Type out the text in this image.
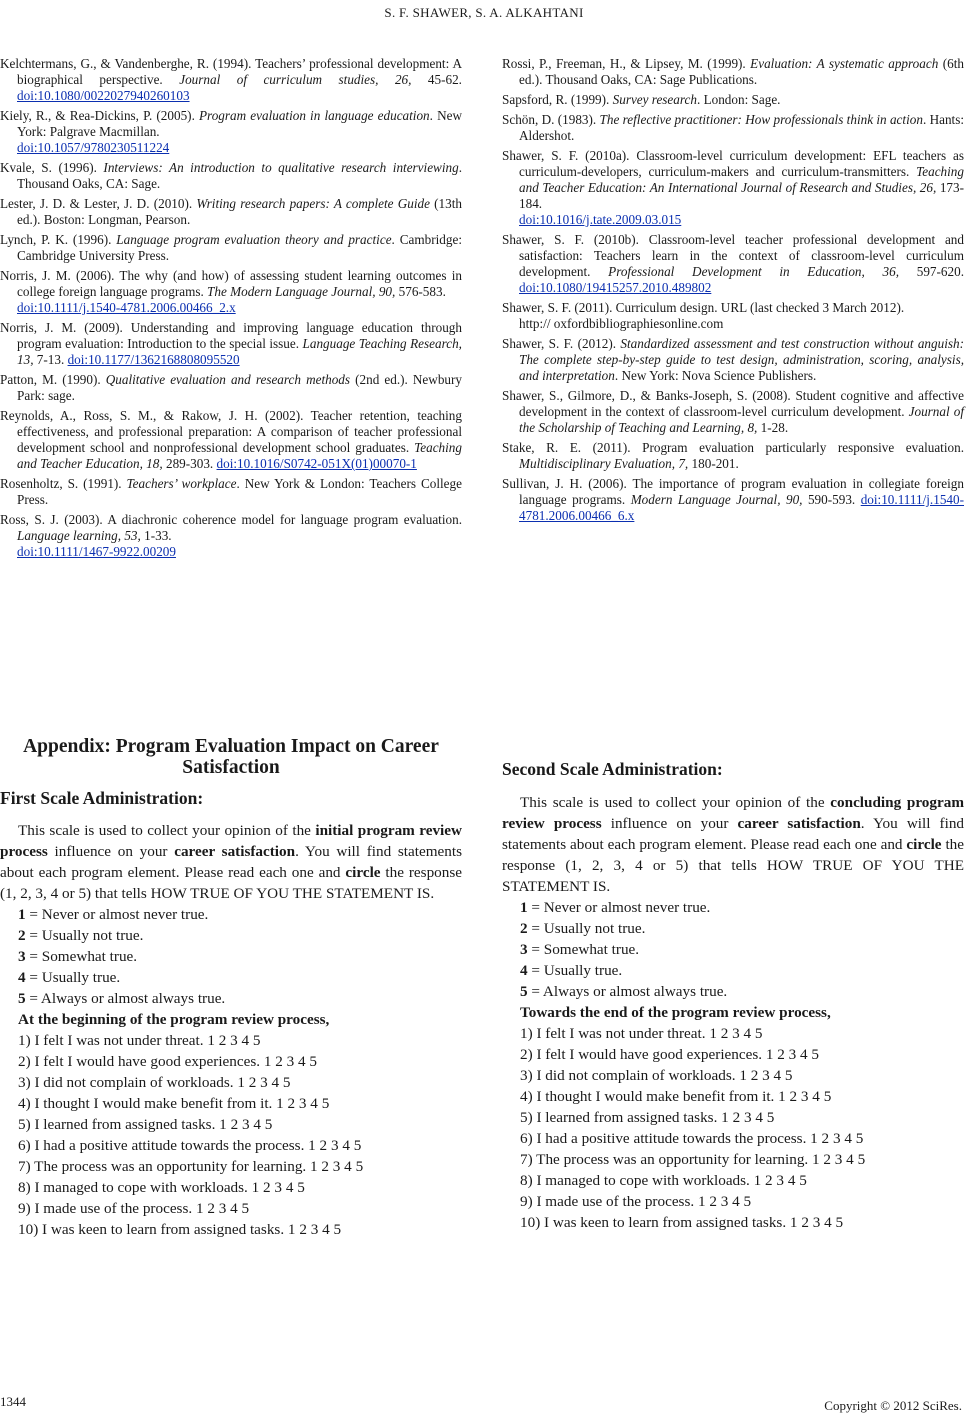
S. F. SHAWER, S. A. ALKAHTANI
Kelchtermans, G., & Vandenberghe, R. (1994). Teachers’ professional development: A biographical perspective. Journal of curriculum studies, 26, 45-62. doi:10.1080/0022027940260103
Kiely, R., & Rea-Dickins, P. (2005). Program evaluation in language education. New York: Palgrave Macmillan.
doi:10.1057/9780230511224
Kvale, S. (1996). Interviews: An introduction to qualitative research interviewing. Thousand Oaks, CA: Sage.
Lester, J. D. & Lester, J. D. (2010). Writing research papers: A complete Guide (13th ed.). Boston: Longman, Pearson.
Lynch, P. K. (1996). Language program evaluation theory and practice. Cambridge: Cambridge University Press.
Norris, J. M. (2006). The why (and how) of assessing student learning outcomes in college foreign language programs. The Modern Language Journal, 90, 576-583.
doi:10.1111/j.1540-4781.2006.00466_2.x
Norris, J. M. (2009). Understanding and improving language education through program evaluation: Introduction to the special issue. Language Teaching Research, 13, 7-13. doi:10.1177/1362168808095520
Patton, M. (1990). Qualitative evaluation and research methods (2nd ed.). Newbury Park: sage.
Reynolds, A., Ross, S. M., & Rakow, J. H. (2002). Teacher retention, teaching effectiveness, and professional preparation: A comparison of teacher professional development school and nonprofessional development school graduates. Teaching and Teacher Education, 18, 289-303. doi:10.1016/S0742-051X(01)00070-1
Rosenholtz, S. (1991). Teachers’ workplace. New York & London: Teachers College Press.
Ross, S. J. (2003). A diachronic coherence model for language program evaluation. Language learning, 53, 1-33.
doi:10.1111/1467-9922.00209
Rossi, P., Freeman, H., & Lipsey, M. (1999). Evaluation: A systematic approach (6th ed.). Thousand Oaks, CA: Sage Publications.
Sapsford, R. (1999). Survey research. London: Sage.
Schön, D. (1983). The reflective practitioner: How professionals think in action. Hants: Aldershot.
Shawer, S. F. (2010a). Classroom-level curriculum development: EFL teachers as curriculum-developers, curriculum-makers and curriculum-transmitters. Teaching and Teacher Education: An International Journal of Research and Studies, 26, 173-184.
doi:10.1016/j.tate.2009.03.015
Shawer, S. F. (2010b). Classroom-level teacher professional development and satisfaction: Teachers learn in the context of classroom-level curriculum development. Professional Development in Education, 36, 597-620. doi:10.1080/19415257.2010.489802
Shawer, S. F. (2011). Curriculum design. URL (last checked 3 March 2012).
http:// oxfordbibliographiesonline.com
Shawer, S. F. (2012). Standardized assessment and test construction without anguish: The complete step-by-step guide to test design, administration, scoring, analysis, and interpretation. New York: Nova Science Publishers.
Shawer, S., Gilmore, D., & Banks-Joseph, S. (2008). Student cognitive and affective development in the context of classroom-level curriculum development. Journal of the Scholarship of Teaching and Learning, 8, 1-28.
Stake, R. E. (2011). Program evaluation particularly responsive evaluation. Multidisciplinary Evaluation, 7, 180-201.
Sullivan, J. H. (2006). The importance of program evaluation in collegiate foreign language programs. Modern Language Journal, 90, 590-593. doi:10.1111/j.1540-4781.2006.00466_6.x
Appendix: Program Evaluation Impact on Career Satisfaction
First Scale Administration:
This scale is used to collect your opinion of the initial program review process influence on your career satisfaction. You will find statements about each program element. Please read each one and circle the response (1, 2, 3, 4 or 5) that tells HOW TRUE OF YOU THE STATEMENT IS.
1 = Never or almost never true.
2 = Usually not true.
3 = Somewhat true.
4 = Usually true.
5 = Always or almost always true.
At the beginning of the program review process,
1) I felt I was not under threat. 1 2 3 4 5
2) I felt I would have good experiences. 1 2 3 4 5
3) I did not complain of workloads. 1 2 3 4 5
4) I thought I would make benefit from it. 1 2 3 4 5
5) I learned from assigned tasks. 1 2 3 4 5
6) I had a positive attitude towards the process. 1 2 3 4 5
7) The process was an opportunity for learning. 1 2 3 4 5
8) I managed to cope with workloads. 1 2 3 4 5
9) I made use of the process. 1 2 3 4 5
10) I was keen to learn from assigned tasks. 1 2 3 4 5
Second Scale Administration:
This scale is used to collect your opinion of the concluding program review process influence on your career satisfaction. You will find statements about each program element. Please read each one and circle the response (1, 2, 3, 4 or 5) that tells HOW TRUE OF YOU THE STATEMENT IS.
1 = Never or almost never true.
2 = Usually not true.
3 = Somewhat true.
4 = Usually true.
5 = Always or almost always true.
Towards the end of the program review process,
1) I felt I was not under threat. 1 2 3 4 5
2) I felt I would have good experiences. 1 2 3 4 5
3) I did not complain of workloads. 1 2 3 4 5
4) I thought I would make benefit from it. 1 2 3 4 5
5) I learned from assigned tasks. 1 2 3 4 5
6) I had a positive attitude towards the process. 1 2 3 4 5
7) The process was an opportunity for learning. 1 2 3 4 5
8) I managed to cope with workloads. 1 2 3 4 5
9) I made use of the process. 1 2 3 4 5
10) I was keen to learn from assigned tasks. 1 2 3 4 5
1344	Copyright © 2012 SciRes.
